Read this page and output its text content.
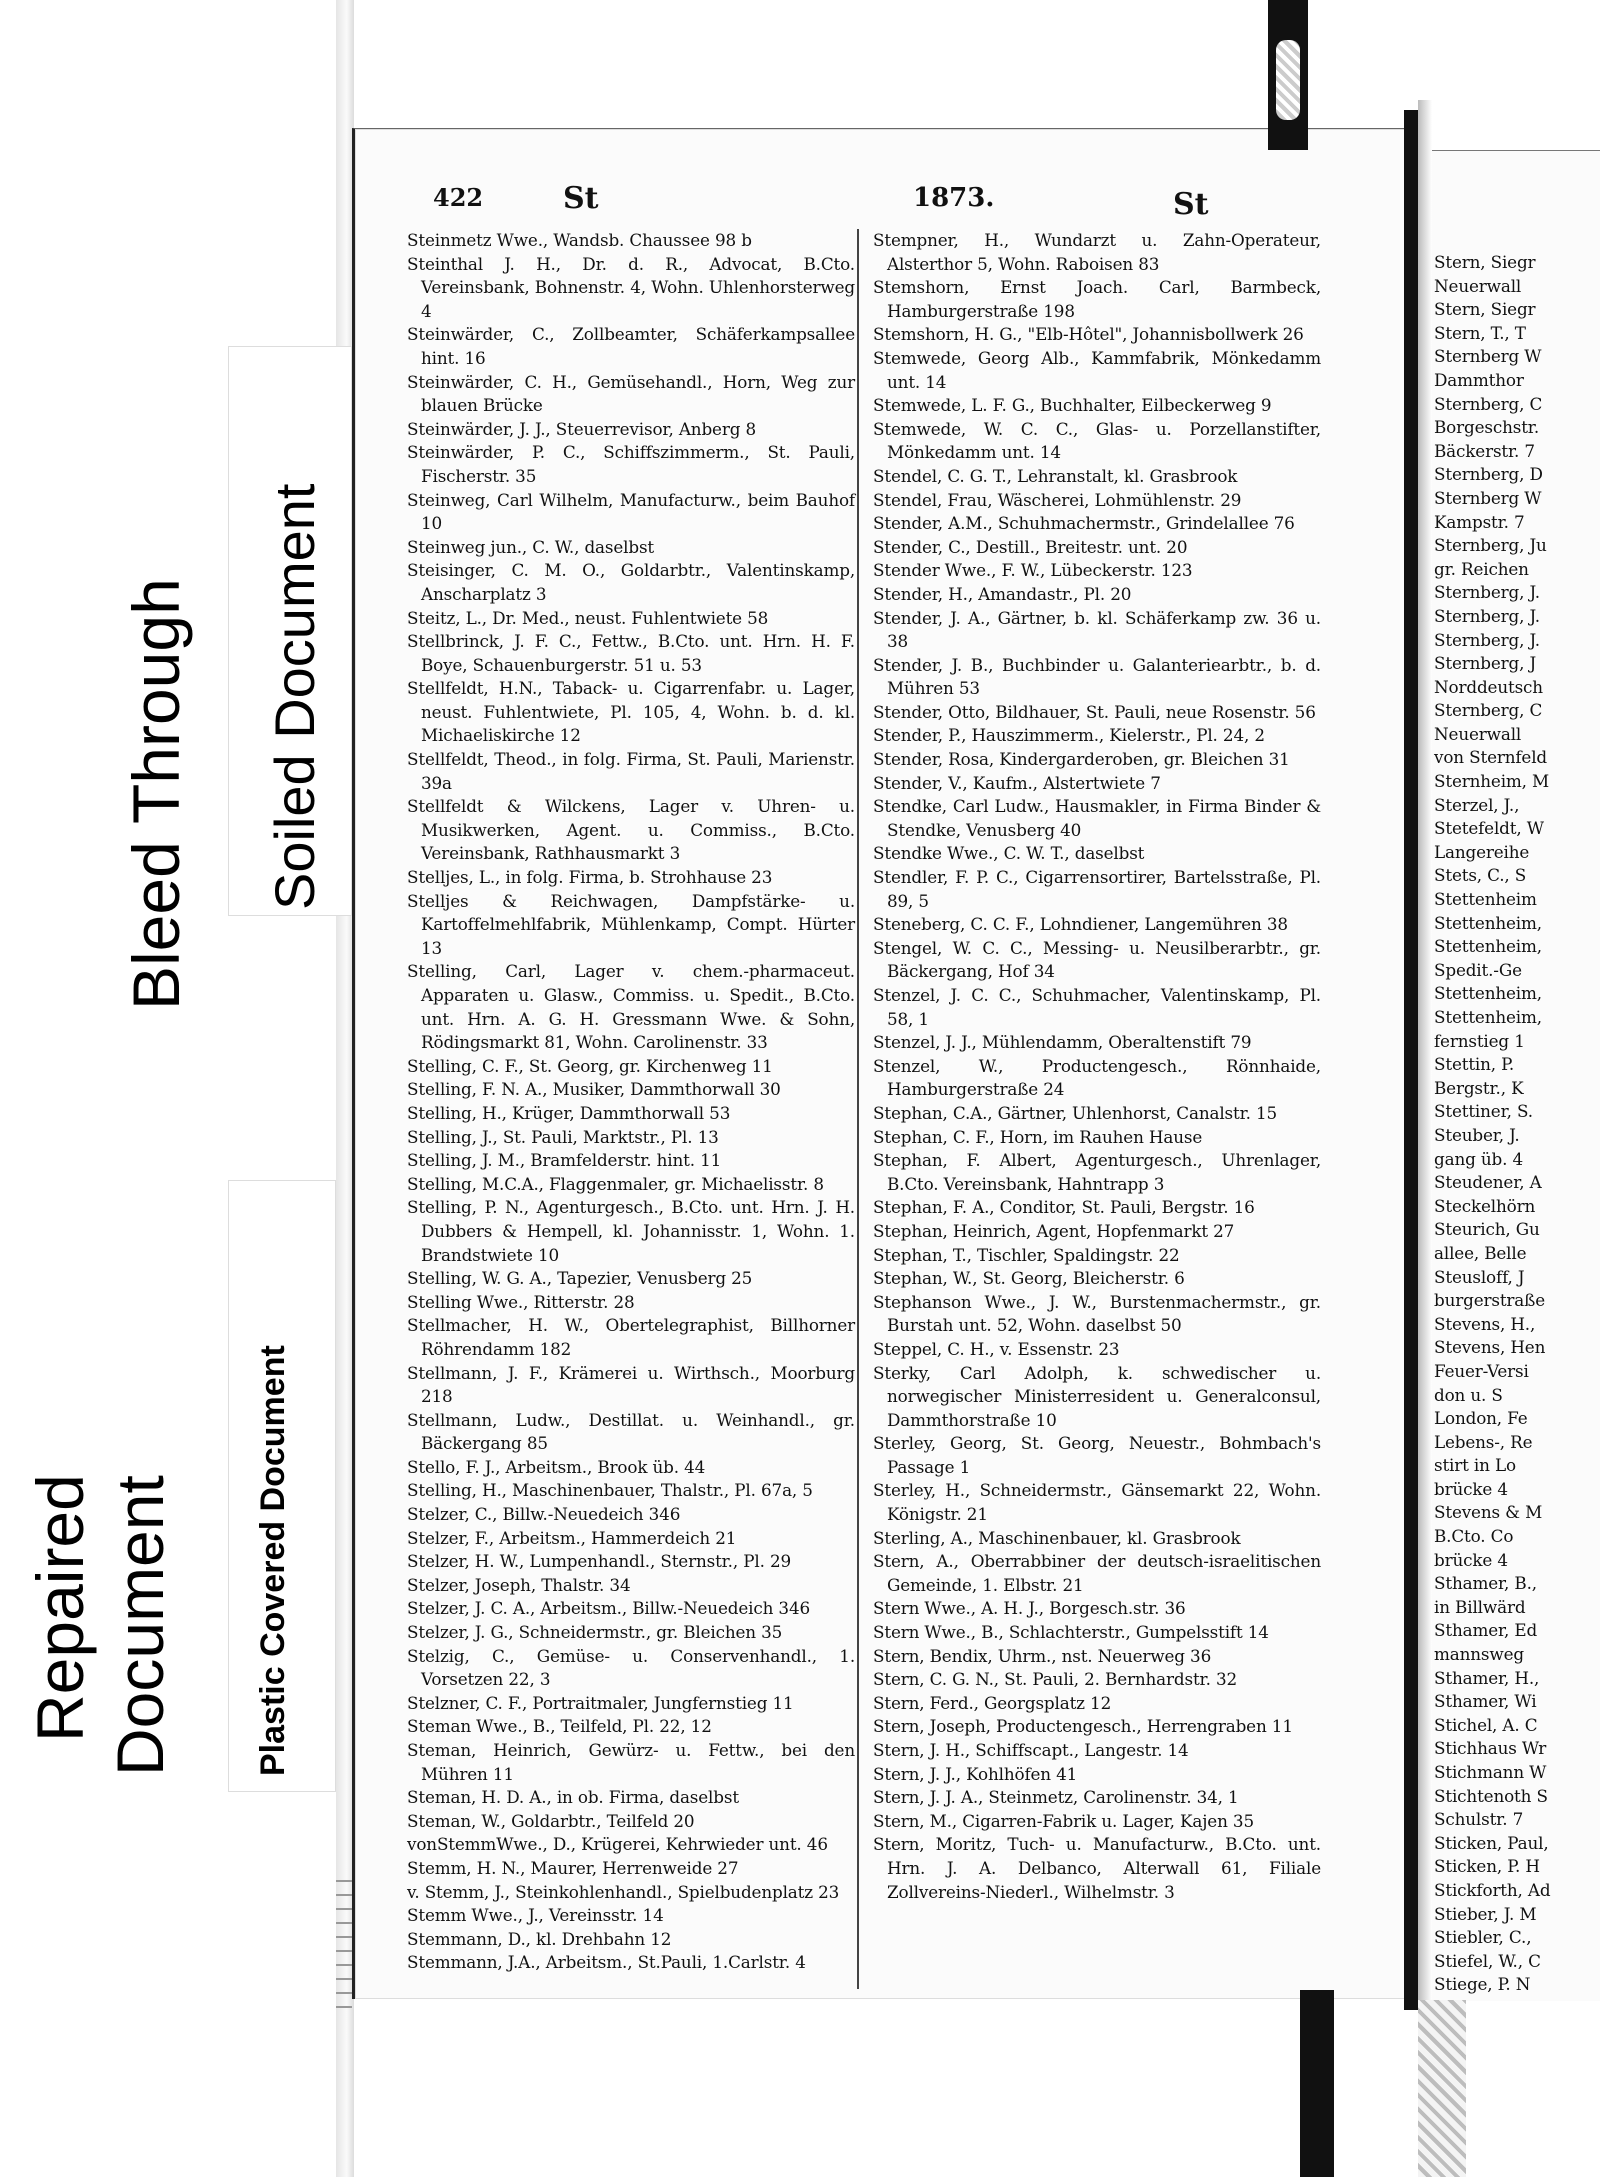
422	St	1873.	St
Steinmetz Wwe., Wandsb. Chaussee 98 b
Steinthal J. H., Dr. d. R., Advocat, B.Cto. Vereinsbank, Bohnenstr. 4, Wohn. Uhlenhorsterweg 4
Steinwärder, C., Zollbeamter, Schäferkampsallee hint. 16
Steinwärder, C. H., Gemüsehandl., Horn, Weg zur blauen Brücke
Steinwärder, J. J., Steuerrevisor, Anberg 8
Steinwärder, P. C., Schiffszimmerm., St. Pauli, Fischerstr. 35
Steinweg, Carl Wilhelm, Manufacturw., beim Bauhof 10
Steinweg jun., C. W., daselbst
Steisinger, C. M. O., Goldarbtr., Valentinskamp, Anscharplatz 3
Steitz, L., Dr. Med., neust. Fuhlentwiete 58
Stellbrinck, J. F. C., Fettw., B.Cto. unt. Hrn. H. F. Boye, Schauenburgerstr. 51 u. 53
Stellfeldt, H.N., Taback- u. Cigarrenfabr. u. Lager, neust. Fuhlentwiete, Pl. 105, 4, Wohn. b. d. kl. Michaeliskirche 12
Stellfeldt, Theod., in folg. Firma, St. Pauli, Marienstr. 39a
Stellfeldt & Wilckens, Lager v. Uhren- u. Musikwerken, Agent. u. Commiss., B.Cto. Vereinsbank, Rathhausmarkt 3
Stelljes, L., in folg. Firma, b. Strohhause 23
Stelljes & Reichwagen, Dampfstärke- u. Kartoffelmehlfabrik, Mühlenkamp, Compt. Hürter 13
Stelling, Carl, Lager v. chem.-pharmaceut. Apparaten u. Glasw., Commiss. u. Spedit., B.Cto. unt. Hrn. A. G. H. Gressmann Wwe. & Sohn, Rödingsmarkt 81, Wohn. Carolinenstr. 33
Stelling, C. F., St. Georg, gr. Kirchenweg 11
Stelling, F. N. A., Musiker, Dammthorwall 30
Stelling, H., Krüger, Dammthorwall 53
Stelling, J., St. Pauli, Marktstr., Pl. 13
Stelling, J. M., Bramfelderstr. hint. 11
Stelling, M.C.A., Flaggenmaler, gr. Michaelisstr. 8
Stelling, P. N., Agenturgesch., B.Cto. unt. Hrn. J. H. Dubbers & Hempell, kl. Johannisstr. 1, Wohn. 1. Brandstwiete 10
Stelling, W. G. A., Tapezier, Venusberg 25
Stelling Wwe., Ritterstr. 28
Stellmacher, H. W., Obertelegraphist, Billhorner Röhrendamm 182
Stellmann, J. F., Krämerei u. Wirthsch., Moorburg 218
Stellmann, Ludw., Destillat. u. Weinhandl., gr. Bäckergang 85
Stello, F. J., Arbeitsm., Brook üb. 44
Stelling, H., Maschinenbauer, Thalstr., Pl. 67a, 5
Stelzer, C., Billw.-Neuedeich 346
Stelzer, F., Arbeitsm., Hammerdeich 21
Stelzer, H. W., Lumpenhandl., Sternstr., Pl. 29
Stelzer, Joseph, Thalstr. 34
Stelzer, J. C. A., Arbeitsm., Billw.-Neuedeich 346
Stelzer, J. G., Schneidermstr., gr. Bleichen 35
Stelzig, C., Gemüse- u. Conservenhandl., 1. Vorsetzen 22, 3
Stelzner, C. F., Portraitmaler, Jungfernstieg 11
Steman Wwe., B., Teilfeld, Pl. 22, 12
Steman, Heinrich, Gewürz- u. Fettw., bei den Mühren 11
Steman, H. D. A., in ob. Firma, daselbst
Steman, W., Goldarbtr., Teilfeld 20
vonStemmWwe., D., Krügerei, Kehrwieder unt. 46
Stemm, H. N., Maurer, Herrenweide 27
v. Stemm, J., Steinkohlenhandl., Spielbudenplatz 23
Stemm Wwe., J., Vereinsstr. 14
Stemmann, D., kl. Drehbahn 12
Stemmann, J.A., Arbeitsm., St.Pauli, 1.Carlstr. 4
Stempner, H., Wundarzt u. Zahn-Operateur, Alsterthor 5, Wohn. Raboisen 83
Stemshorn, Ernst Joach. Carl, Barmbeck, Hamburgerstraße 198
Stemshorn, H. G., "Elb-Hôtel", Johannisbollwerk 26
Stemwede, Georg Alb., Kammfabrik, Mönkedamm unt. 14
Stemwede, L. F. G., Buchhalter, Eilbeckerweg 9
Stemwede, W. C. C., Glas- u. Porzellanstifter, Mönkedamm unt. 14
Stendel, C. G. T., Lehranstalt, kl. Grasbrook
Stendel, Frau, Wäscherei, Lohmühlenstr. 29
Stender, A.M., Schuhmachermstr., Grindelallee 76
Stender, C., Destill., Breitestr. unt. 20
Stender Wwe., F. W., Lübeckerstr. 123
Stender, H., Amandastr., Pl. 20
Stender, J. A., Gärtner, b. kl. Schäferkamp zw. 36 u. 38
Stender, J. B., Buchbinder u. Galanteriearbtr., b. d. Mühren 53
Stender, Otto, Bildhauer, St. Pauli, neue Rosenstr. 56
Stender, P., Hauszimmerm., Kielerstr., Pl. 24, 2
Stender, Rosa, Kindergarderoben, gr. Bleichen 31
Stender, V., Kaufm., Alstertwiete 7
Stendke, Carl Ludw., Hausmakler, in Firma Binder & Stendke, Venusberg 40
Stendke Wwe., C. W. T., daselbst
Stendler, F. P. C., Cigarrensortirer, Bartelsstraße, Pl. 89, 5
Steneberg, C. C. F., Lohndiener, Langemühren 38
Stengel, W. C. C., Messing- u. Neusilberarbtr., gr. Bäckergang, Hof 34
Stenzel, J. C. C., Schuhmacher, Valentinskamp, Pl. 58, 1
Stenzel, J. J., Mühlendamm, Oberaltenstift 79
Stenzel, W., Productengesch., Rönnhaide, Hamburgerstraße 24
Stephan, C.A., Gärtner, Uhlenhorst, Canalstr. 15
Stephan, C. F., Horn, im Rauhen Hause
Stephan, F. Albert, Agenturgesch., Uhrenlager, B.Cto. Vereinsbank, Hahntrapp 3
Stephan, F. A., Conditor, St. Pauli, Bergstr. 16
Stephan, Heinrich, Agent, Hopfenmarkt 27
Stephan, T., Tischler, Spaldingstr. 22
Stephan, W., St. Georg, Bleicherstr. 6
Stephanson Wwe., J. W., Burstenmachermstr., gr. Burstah unt. 52, Wohn. daselbst 50
Steppel, C. H., v. Essenstr. 23
Sterky, Carl Adolph, k. schwedischer u. norwegischer Ministerresident u. Generalconsul, Dammthorstraße 10
Sterley, Georg, St. Georg, Neuestr., Bohmbach's Passage 1
Sterley, H., Schneidermstr., Gänsemarkt 22, Wohn. Königstr. 21
Sterling, A., Maschinenbauer, kl. Grasbrook
Stern, A., Oberrabbiner der deutsch-israelitischen Gemeinde, 1. Elbstr. 21
Stern Wwe., A. H. J., Borgesch.str. 36
Stern Wwe., B., Schlachterstr., Gumpelsstift 14
Stern, Bendix, Uhrm., nst. Neuerweg 36
Stern, C. G. N., St. Pauli, 2. Bernhardstr. 32
Stern, Ferd., Georgsplatz 12
Stern, Joseph, Productengesch., Herrengraben 11
Stern, J. H., Schiffscapt., Langestr. 14
Stern, J. J., Kohlhöfen 41
Stern, J. J. A., Steinmetz, Carolinenstr. 34, 1
Stern, M., Cigarren-Fabrik u. Lager, Kajen 35
Stern, Moritz, Tuch- u. Manufacturw., B.Cto. unt. Hrn. J. A. Delbanco, Alterwall 61, Filiale Zollvereins-Niederl., Wilhelmstr. 3
Stern, Siegr
Neuerwall
Stern, Siegr
Stern, T., T
Sternberg W
Dammthor
Sternberg, C
Borgeschstr.
Bäckerstr. 7
Sternberg, D
Sternberg W
Kampstr. 7
Sternberg, Ju
gr. Reichen
Sternberg, J.
Sternberg, J.
Sternberg, J.
Sternberg, J
Norddeutsch
Sternberg, C
Neuerwall
von Sternfeld
Sternheim, M
Sterzel, J.,
Stetefeldt, W
Langereihe
Stets, C., S
Stettenheim
Stettenheim,
Stettenheim,
Spedit.-Ge
Stettenheim,
Stettenheim,
fernstieg 1
Stettin, P.
Bergstr., K
Stettiner, S.
Steuber, J.
gang üb. 4
Steudener, A
Steckelhörn
Steurich, Gu
allee, Belle
Steusloff, J
burgerstraße
Stevens, H.,
Stevens, Hen
Feuer-Versi
don u. S
London, Fe
Lebens-, Re
stirt in Lo
brücke 4
Stevens & M
B.Cto. Co
brücke 4
Sthamer, B.,
in Billwärd
Sthamer, Ed
mannsweg
Sthamer, H.,
Sthamer, Wi
Stichel, A. C
Stichhaus Wr
Stichmann W
Stichtenoth S
Schulstr. 7
Sticken, Paul,
Sticken, P. H
Stickforth, Ad
Stieber, J. M
Stiebler, C.,
Stiefel, W., C
Stiege, P. N
Bleed Through Soiled Document
Plastic Covered Document
Repaired Document
